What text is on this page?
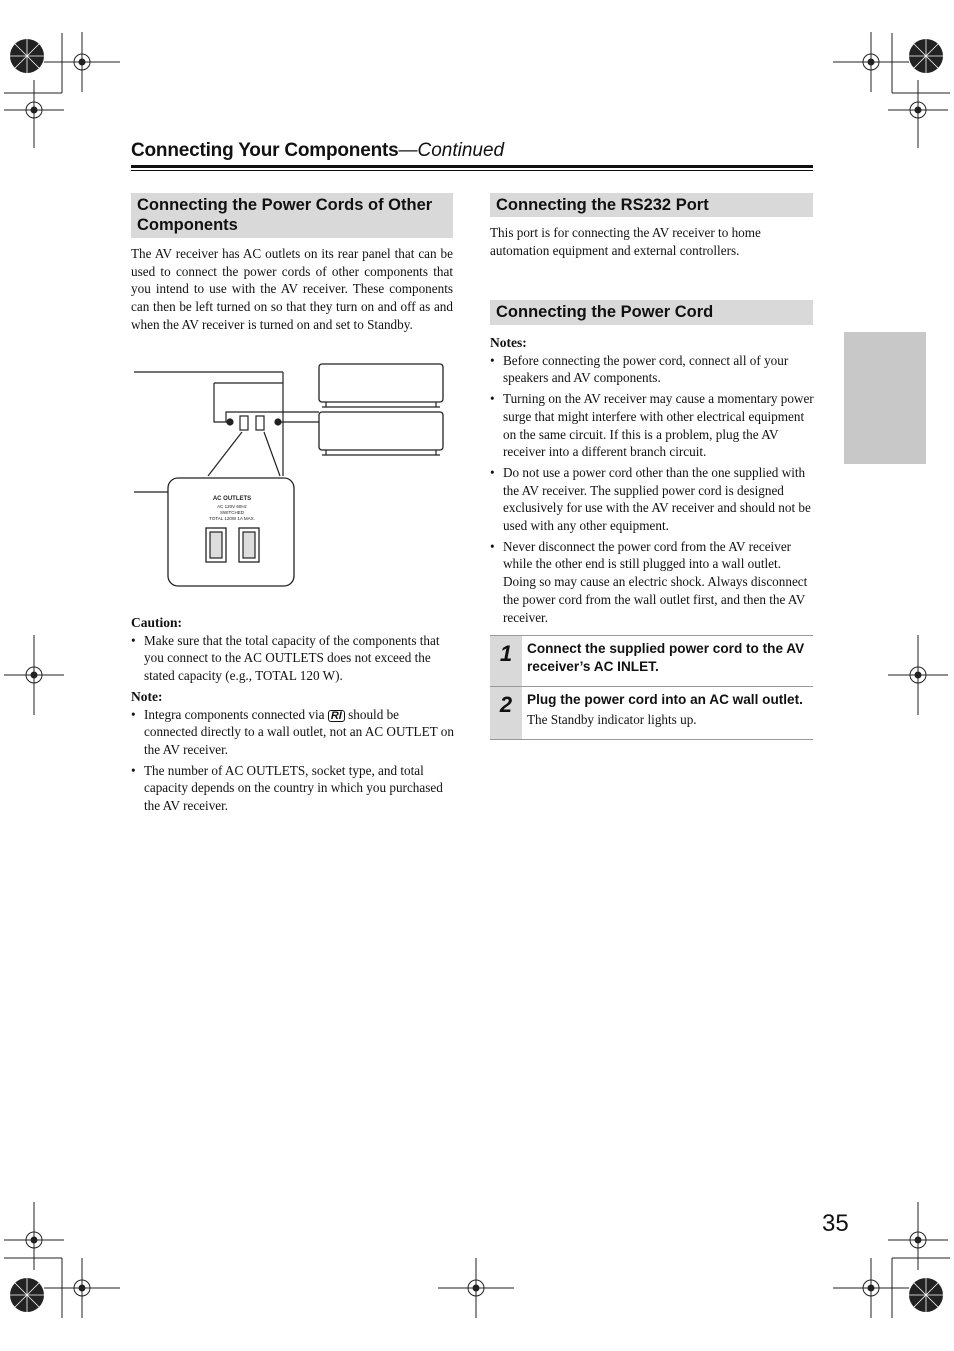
Connecting Your Components—Continued
Connecting the Power Cords of Other Components

The AV receiver has AC outlets on its rear panel that can be used to connect the power cords of other components that you intend to use with the AV receiver. These components can then be left turned on so that they turn on and off as and when the AV receiver is turned on and set to Standby.

AC OUTLETS
AC 120V 60Hz
SWITCHED
TOTAL 120W 1A MAX.
Caution:
• Make sure that the total capacity of the components that you connect to the AC OUTLETS does not exceed the stated capacity (e.g., TOTAL 120 W).
Note:
• Integra components connected via RI should be connected directly to a wall outlet, not an AC OUTLET on the AV receiver.
• The number of AC OUTLETS, socket type, and total capacity depends on the country in which you purchased the AV receiver.
Connecting the RS232 Port

This port is for connecting the AV receiver to home automation equipment and external controllers.

Connecting the Power Cord
Notes:
• Before connecting the power cord, connect all of your speakers and AV components.
• Turning on the AV receiver may cause a momentary power surge that might interfere with other electrical equipment on the same circuit. If this is a problem, plug the AV receiver into a different branch circuit.
• Do not use a power cord other than the one supplied with the AV receiver. The supplied power cord is designed exclusively for use with the AV receiver and should not be used with any other equipment.
• Never disconnect the power cord from the AV receiver while the other end is still plugged into a wall outlet. Doing so may cause an electric shock. Always disconnect the power cord from the wall outlet first, and then the AV receiver.
1	Connect the supplied power cord to the AV receiver’s AC INLET.
2	Plug the power cord into an AC wall outlet.
The Standby indicator lights up.
35
